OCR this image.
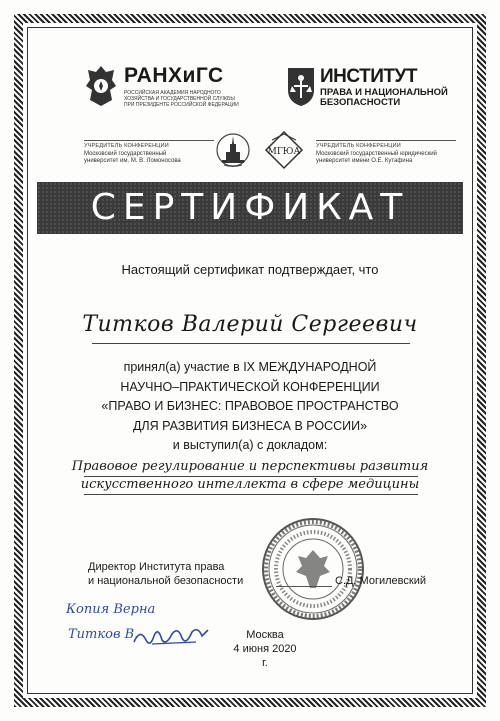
РАНХиГС
РОССИЙСКАЯ АКАДЕМИЯ НАРОДНОГО ХОЗЯЙСТВА И ГОСУДАРСТВЕННОЙ СЛУЖБЫ ПРИ ПРЕЗИДЕНТЕ РОССИЙСКОЙ ФЕДЕРАЦИИ
ИНСТИТУТ
ПРАВА И НАЦИОНАЛЬНОЙ
БЕЗОПАСНОСТИ
УЧРЕДИТЕЛЬ КОНФЕРЕНЦИИ
Московский государственный
университет им. М. В. Ломоносова
МГЮА
УЧРЕДИТЕЛЬ КОНФЕРЕНЦИИ
Московский государственный юридический
университет имени О.Е. Кутафина
СЕРТИФИКАТ
Настоящий сертификат подтверждает, что
Титков Валерий Сергеевич
принял(а) участие в IX МЕЖДУНАРОДНОЙ
НАУЧНО–ПРАКТИЧЕСКОЙ КОНФЕРЕНЦИИ
«ПРАВО И БИЗНЕС: ПРАВОВОЕ ПРОСТРАНСТВО
ДЛЯ РАЗВИТИЯ БИЗНЕСА В РОССИИ»
и выступил(а) с докладом:
Правовое регулирование и перспективы развития
искусственного интеллекта в сфере медицины
Директор Института права
и национальной безопасности	С.Д. Могилевский
Копия Верна
Титков В.	Москва
4 июня 2020 г.
